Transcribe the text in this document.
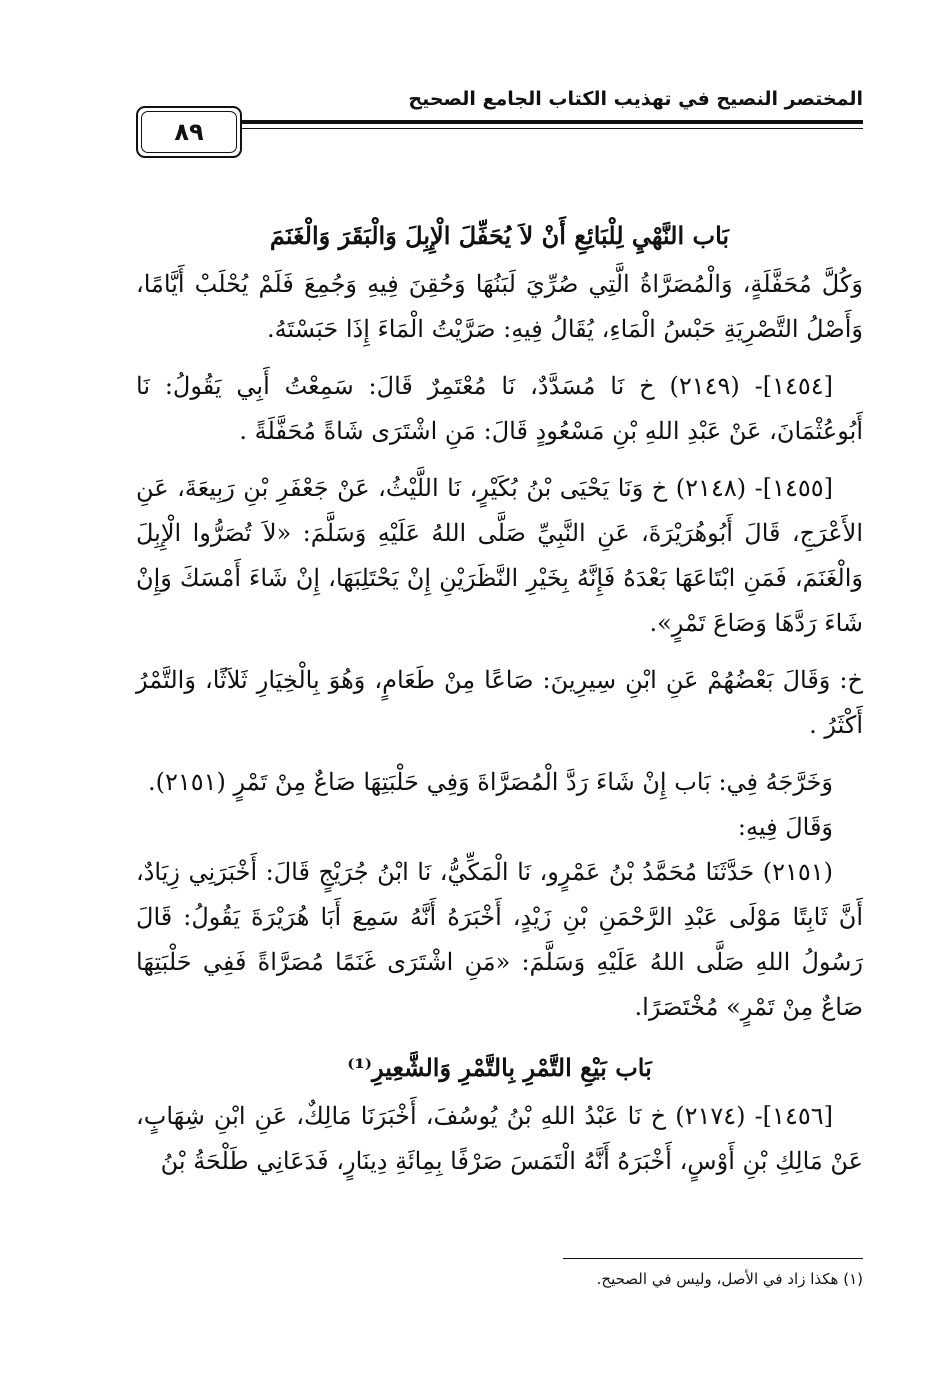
المختصر النصيح في تهذيب الكتاب الجامع الصحيح
٨٩

بَاب النَّهْيِ لِلْبَائِعِ أَنْ لاَ يُحَفِّلَ الْإِبِلَ وَالْبَقَرَ وَالْغَنَمَ

وَكُلَّ مُحَفَّلَةٍ، وَالْمُصَرَّاةُ الَّتِي صُرِّيَ لَبَنُهَا وَحُقِنَ فِيهِ وَجُمِعَ فَلَمْ يُحْلَبْ أَيَّامًا، وَأَصْلُ التَّصْرِيَةِ حَبْسُ الْمَاءِ، يُقَالُ فِيهِ: صَرَّيْتُ الْمَاءَ إِذَا حَبَسْتَهُ.

[١٤٥٤]- (٢١٤٩) خ نَا مُسَدَّدٌ، نَا مُعْتَمِرٌ قَالَ: سَمِعْتُ أَبِي يَقُولُ: نَا أَبُوعُثْمَانَ، عَنْ عَبْدِ اللهِ بْنِ مَسْعُودٍ قَالَ: مَنِ اشْتَرَى شَاةً مُحَفَّلَةً .

[١٤٥٥]- (٢١٤٨) خ وَنَا يَحْيَى بْنُ بُكَيْرٍ، نَا اللَّيْثُ، عَنْ جَعْفَرِ بْنِ رَبِيعَةَ، عَنِ الأَعْرَجِ، قَالَ أَبُوهُرَيْرَةَ، عَنِ النَّبِيِّ صَلَّى اللهُ عَلَيْهِ وَسَلَّمَ: «لاَ تُصَرُّوا الْإِبِلَ وَالْغَنَمَ، فَمَنِ ابْتَاعَهَا بَعْدَهُ فَإِنَّهُ بِخَيْرِ النَّظَرَيْنِ إِنْ يَحْتَلِبَهَا، إِنْ شَاءَ أَمْسَكَ وَإِنْ شَاءَ رَدَّهَا وَصَاعَ تَمْرٍ».

خ: وَقَالَ بَعْضُهُمْ عَنِ ابْنِ سِيرِينَ: صَاعًا مِنْ طَعَامٍ، وَهُوَ بِالْخِيَارِ ثَلاَثًا، وَالتَّمْرُ أَكْثَرُ .

وَخَرَّجَهُ فِي: بَاب إِنْ شَاءَ رَدَّ الْمُصَرَّاةَ وَفِي حَلْبَتِهَا صَاعٌ مِنْ تَمْرٍ (٢١٥١).

وَقَالَ فِيهِ:

(٢١٥١) حَدَّثَنَا مُحَمَّدُ بْنُ عَمْرٍو، نَا الْمَكِّيُّ، نَا ابْنُ جُرَيْجٍ قَالَ: أَخْبَرَنِي زِيَادٌ، أَنَّ ثَابِتًا مَوْلَى عَبْدِ الرَّحْمَنِ بْنِ زَيْدٍ، أَخْبَرَهُ أَنَّهُ سَمِعَ أَبَا هُرَيْرَةَ يَقُولُ: قَالَ رَسُولُ اللهِ صَلَّى اللهُ عَلَيْهِ وَسَلَّمَ: «مَنِ اشْتَرَى غَنَمًا مُصَرَّاةً فَفِي حَلْبَتِهَا صَاعٌ مِنْ تَمْرٍ» مُخْتَصَرًا.

بَاب بَيْعِ التَّمْرِ بِالتَّمْرِ وَالشَّعِيرِ⁽¹⁾

[١٤٥٦]- (٢١٧٤) خ نَا عَبْدُ اللهِ بْنُ يُوسُفَ، أَخْبَرَنَا مَالِكٌ، عَنِ ابْنِ شِهَابٍ، عَنْ مَالِكِ بْنِ أَوْسٍ، أَخْبَرَهُ أَنَّهُ الْتَمَسَ صَرْفًا بِمِائَةِ دِينَارٍ، فَدَعَانِي طَلْحَةُ بْنُ

(١) هكذا زاد في الأصل، وليس في الصحيح.
